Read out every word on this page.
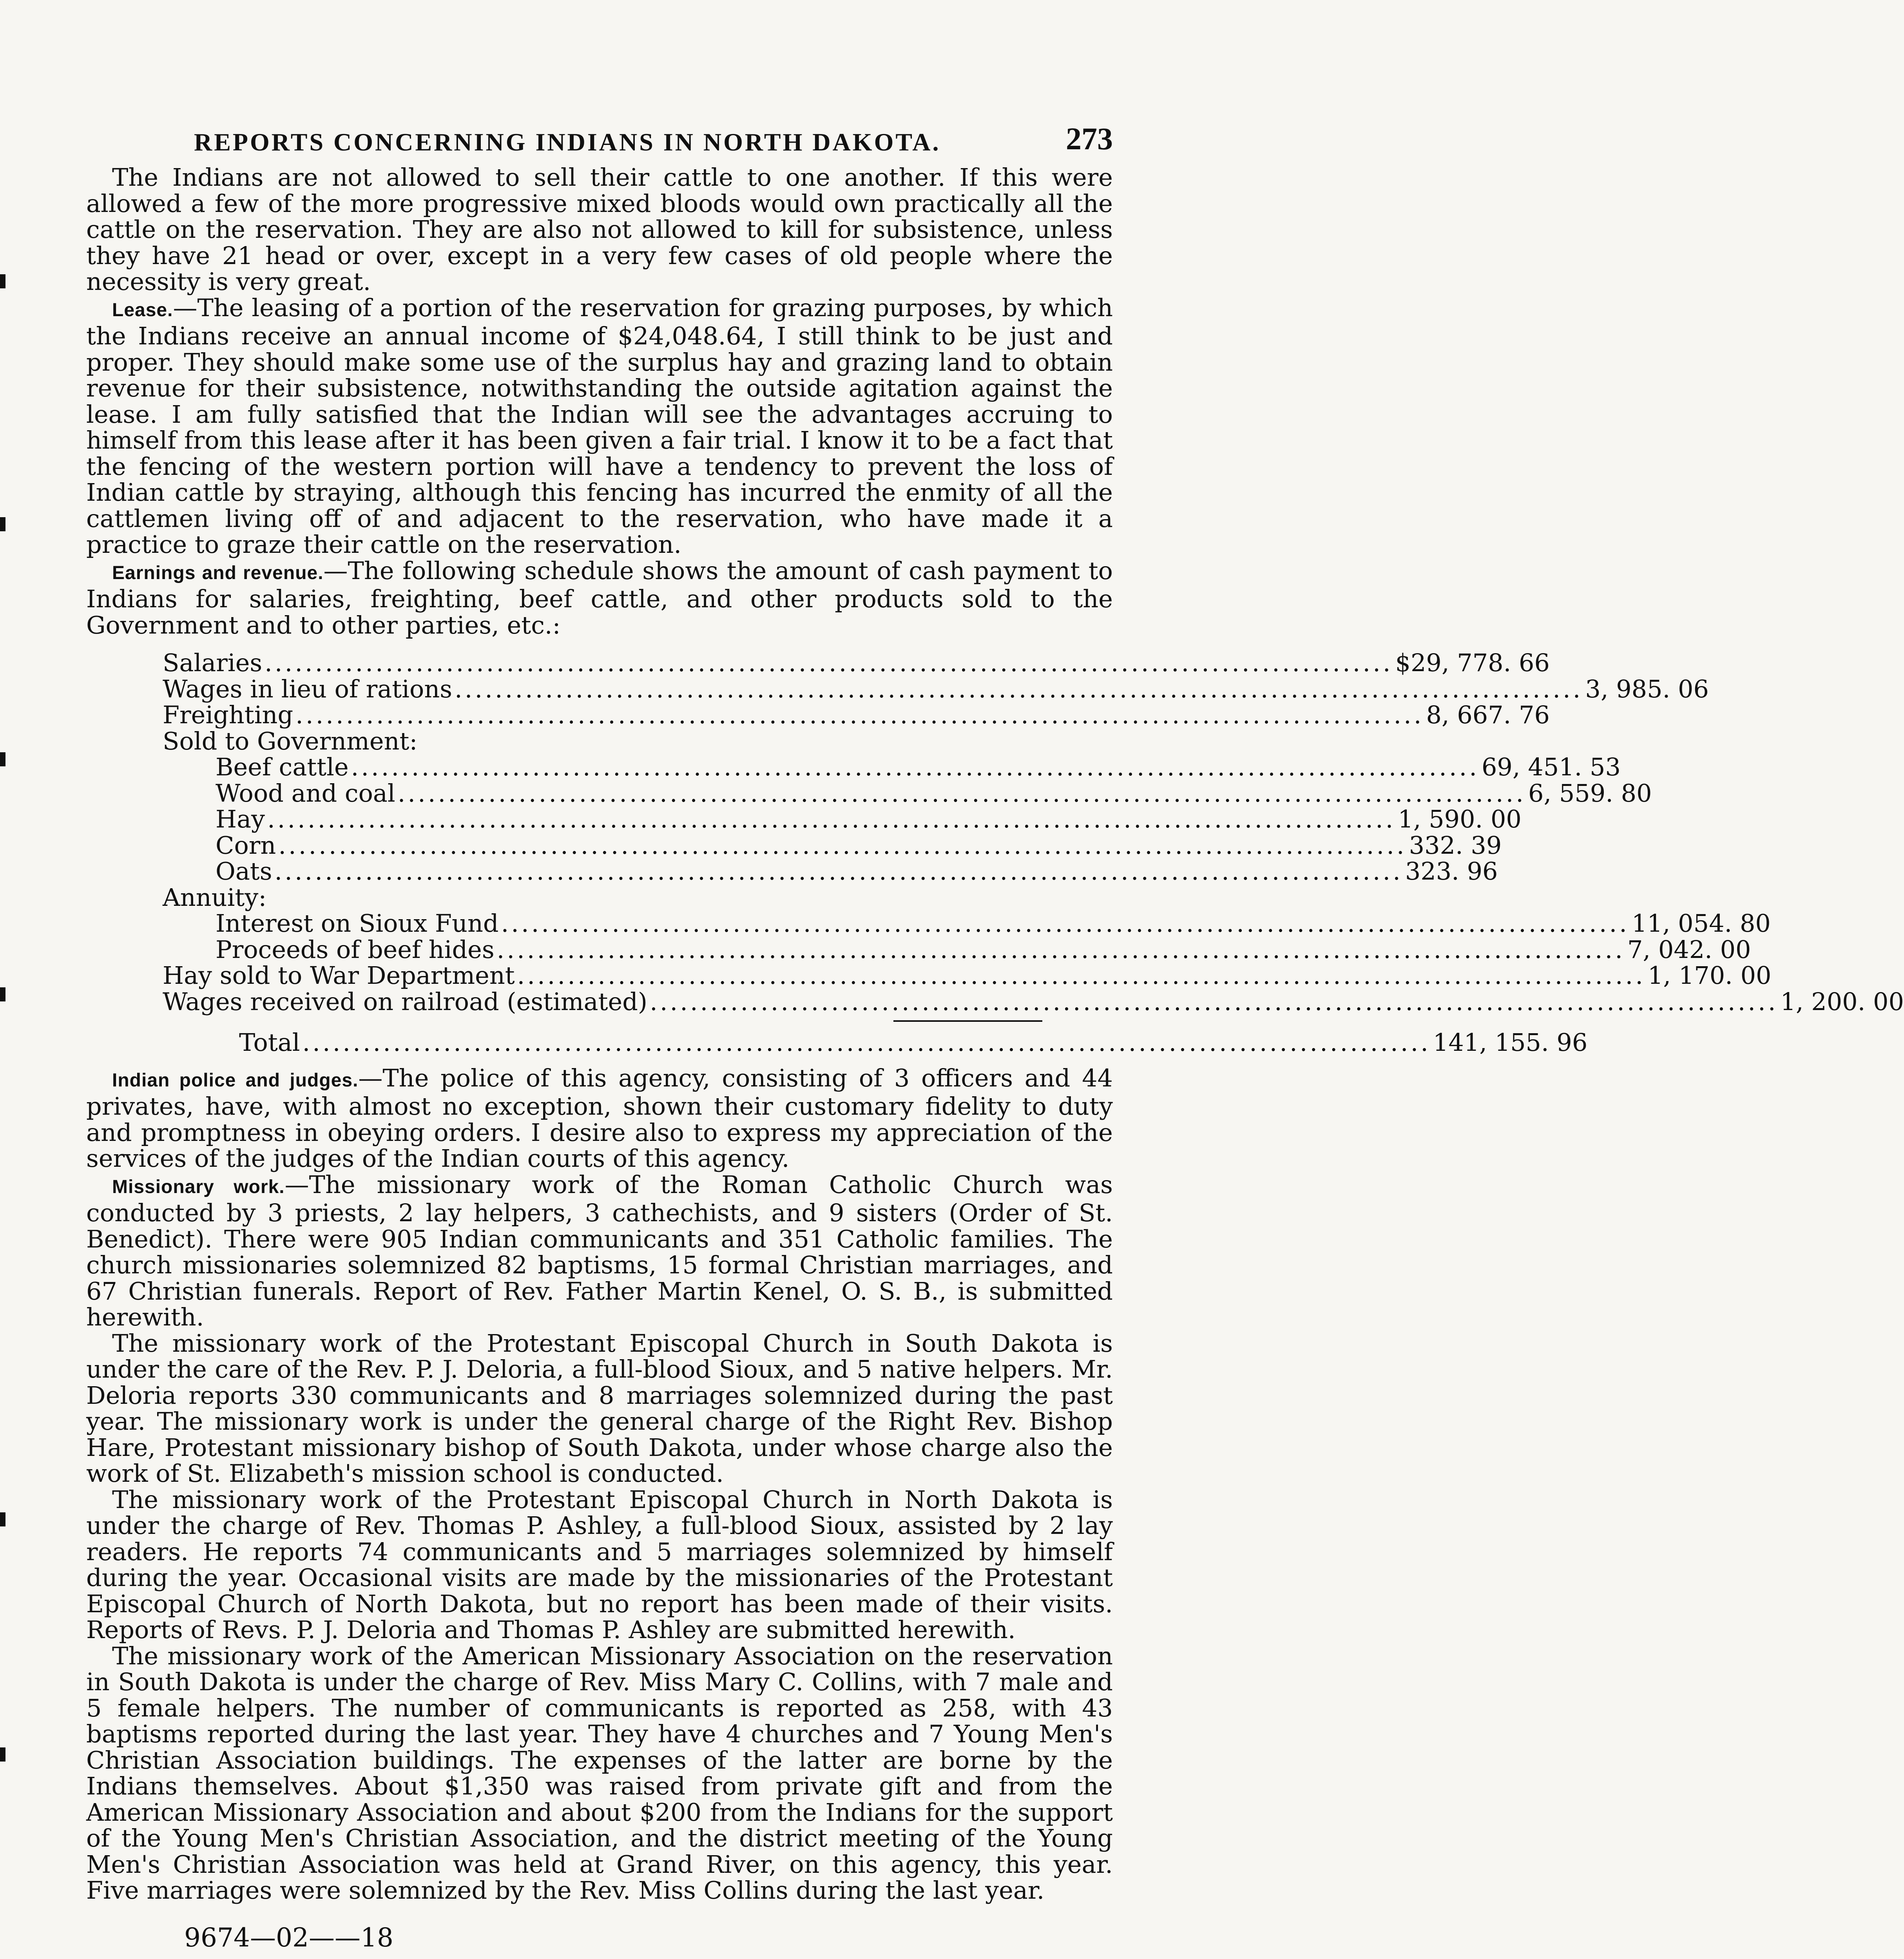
REPORTS CONCERNING INDIANS IN NORTH DAKOTA.	273

The Indians are not allowed to sell their cattle to one another. If this were allowed a few of the more progressive mixed bloods would own practically all the cattle on the reservation. They are also not allowed to kill for subsistence, unless they have 21 head or over, except in a very few cases of old people where the necessity is very great.

Lease.—The leasing of a portion of the reservation for grazing purposes, by which the Indians receive an annual income of $24,048.64, I still think to be just and proper. They should make some use of the surplus hay and grazing land to obtain revenue for their subsistence, notwithstanding the outside agitation against the lease. I am fully satisfied that the Indian will see the advantages accruing to himself from this lease after it has been given a fair trial. I know it to be a fact that the fencing of the western portion will have a tendency to prevent the loss of Indian cattle by straying, although this fencing has incurred the enmity of all the cattlemen living off of and adjacent to the reservation, who have made it a practice to graze their cattle on the reservation.

Earnings and revenue.—The following schedule shows the amount of cash payment to Indians for salaries, freighting, beef cattle, and other products sold to the Government and to other parties, etc.:

Salaries ................................................................................................................ $29, 778. 66
Wages in lieu of rations ................................................................................................................ 3, 985. 06
Freighting ................................................................................................................ 8, 667. 76
Sold to Government:
Beef cattle ................................................................................................................ 69, 451. 53
Wood and coal ................................................................................................................ 6, 559. 80
Hay ................................................................................................................ 1, 590. 00
Corn ................................................................................................................ 332. 39
Oats ................................................................................................................ 323. 96
Annuity:
Interest on Sioux Fund ................................................................................................................ 11, 054. 80
Proceeds of beef hides ................................................................................................................ 7, 042. 00
Hay sold to War Department ................................................................................................................ 1, 170. 00
Wages received on railroad (estimated) ................................................................................................................ 1, 200. 00
Total ................................................................................................................ 141, 155. 96

Indian police and judges.—The police of this agency, consisting of 3 officers and 44 privates, have, with almost no exception, shown their customary fidelity to duty and promptness in obeying orders. I desire also to express my appreciation of the services of the judges of the Indian courts of this agency.

Missionary work.—The missionary work of the Roman Catholic Church was conducted by 3 priests, 2 lay helpers, 3 cathechists, and 9 sisters (Order of St. Benedict). There were 905 Indian communicants and 351 Catholic families. The church missionaries solemnized 82 baptisms, 15 formal Christian marriages, and 67 Christian funerals. Report of Rev. Father Martin Kenel, O. S. B., is submitted herewith.

The missionary work of the Protestant Episcopal Church in South Dakota is under the care of the Rev. P. J. Deloria, a full-blood Sioux, and 5 native helpers. Mr. Deloria reports 330 communicants and 8 marriages solemnized during the past year. The missionary work is under the general charge of the Right Rev. Bishop Hare, Protestant missionary bishop of South Dakota, under whose charge also the work of St. Elizabeth's mission school is conducted.

The missionary work of the Protestant Episcopal Church in North Dakota is under the charge of Rev. Thomas P. Ashley, a full-blood Sioux, assisted by 2 lay readers. He reports 74 communicants and 5 marriages solemnized by himself during the year. Occasional visits are made by the missionaries of the Protestant Episcopal Church of North Dakota, but no report has been made of their visits. Reports of Revs. P. J. Deloria and Thomas P. Ashley are submitted herewith.

The missionary work of the American Missionary Association on the reservation in South Dakota is under the charge of Rev. Miss Mary C. Collins, with 7 male and 5 female helpers. The number of communicants is reported as 258, with 43 baptisms reported during the last year. They have 4 churches and 7 Young Men's Christian Association buildings. The expenses of the latter are borne by the Indians themselves. About $1,350 was raised from private gift and from the American Missionary Association and about $200 from the Indians for the support of the Young Men's Christian Association, and the district meeting of the Young Men's Christian Association was held at Grand River, on this agency, this year. Five marriages were solemnized by the Rev. Miss Collins during the last year.

9674—02——18
